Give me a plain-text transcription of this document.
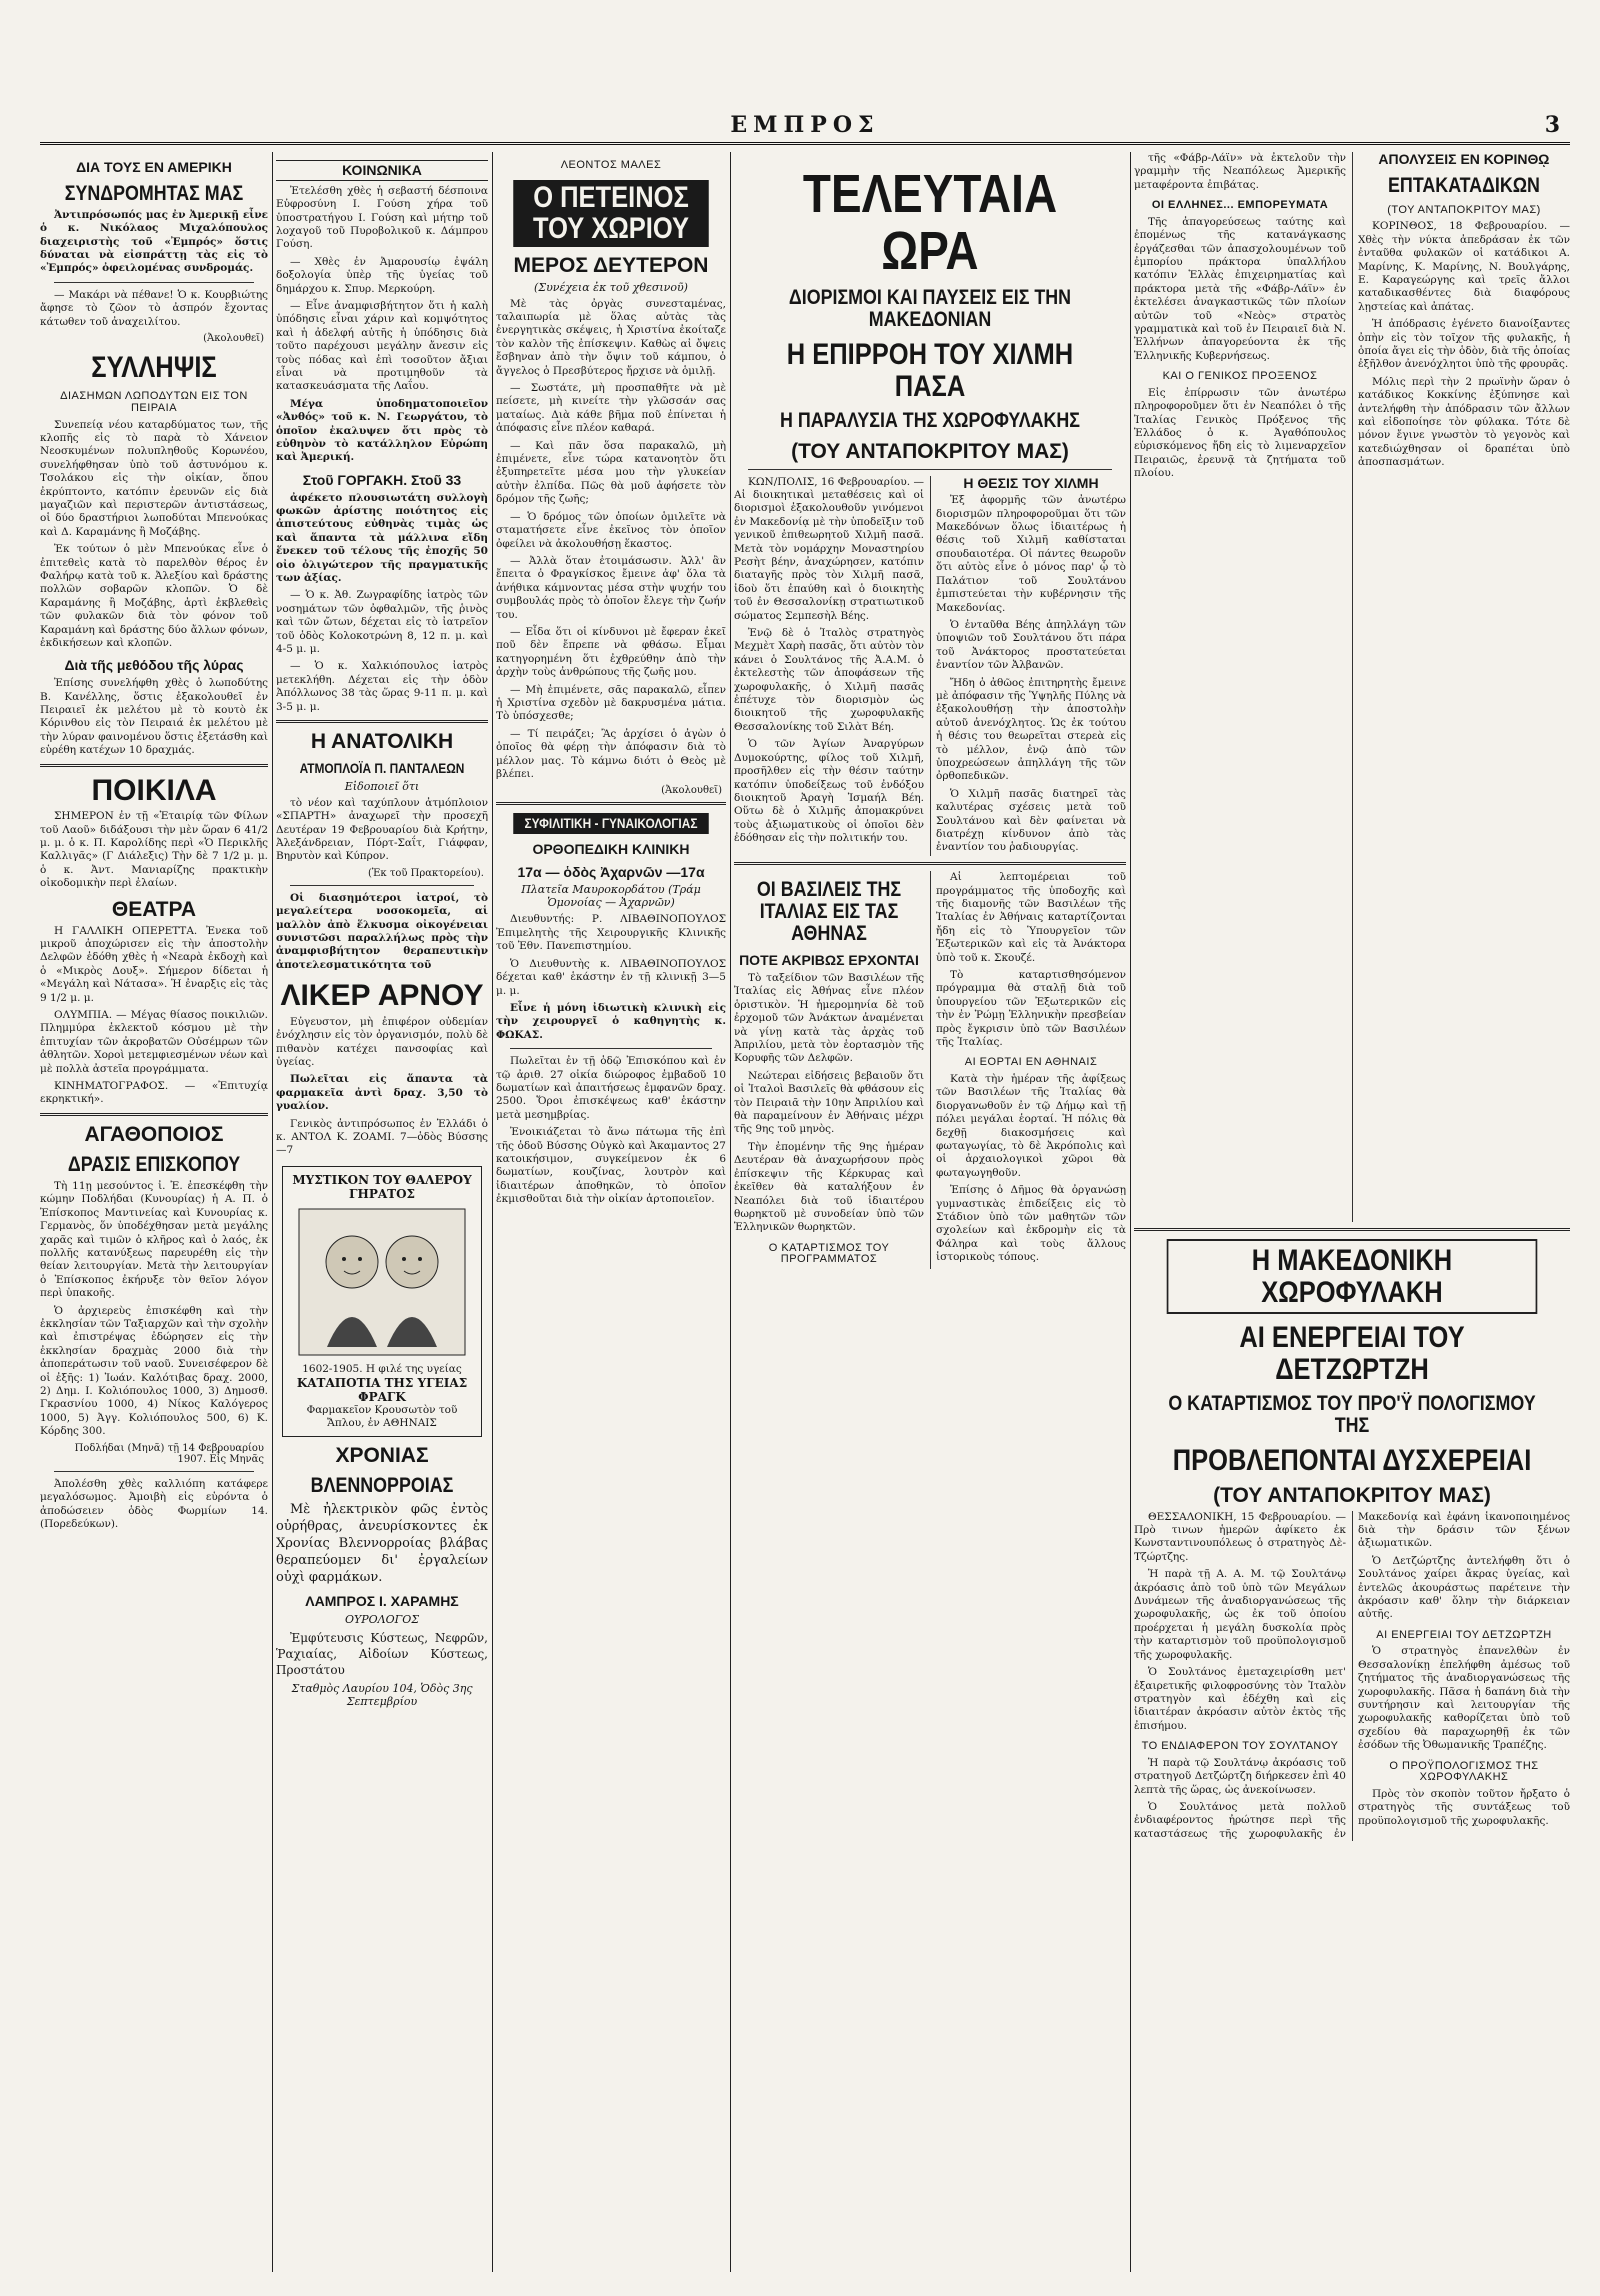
ΕΜΠΡΟΣ	3
ΔΙΑ ΤΟΥΣ ΕΝ ΑΜΕΡΙΚΗ
ΣΥΝΔΡΟΜΗΤΑΣ ΜΑΣ

Ἀντιπρόσωπός μας ἐν Ἀμερικῇ εἶνε ὁ κ. Νικόλαος Μιχαλόπουλος διαχειριστὴς τοῦ «Ἐμπρός» ὅστις δύναται νὰ εἰσπράττῃ τὰς εἰς τὸ «Ἐμπρός» ὀφειλομένας συνδρομάς.

— Μακάρι νὰ πέθανε! Ὁ κ. Κουρβιώτης ἄφησε τὸ ζῶον τὸ ἀσπρόν ἔχοντας κάτωθεν τοῦ ἀναχειλίτου.

(Ἀκολουθεῖ)
ΣΥΛΛΗΨΙΣ
ΔΙΑΣΗΜΩΝ ΛΩΠΟΔΥΤΩΝ ΕΙΣ ΤΟΝ ΠΕΙΡΑΙΑ

Συνεπείᾳ νέου καταρδύματος των, τῆς κλοπῆς εἰς τὸ παρὰ τὸ Χάνειον Νεοσκυμένων πολυπληθοῦς Κορωνέου, συνελήφθησαν ὑπὸ τοῦ ἀστυνόμου κ. Τσολάκου εἰς τὴν οἰκίαν, ὅπου ἐκρύπτοντο, κατόπιν ἐρευνῶν εἰς διὰ μαγαζιῶν καὶ περιστερῶν ἀντιστάσεως, οἱ δύο δραστήριοι λωποδύται Μπενούκας καὶ Δ. Καραμάνης ἢ Μοζάβης.

Ἐκ τούτων ὁ μὲν Μπενούκας εἶνε ὁ ἐπιτεθεὶς κατὰ τὸ παρελθὸν θέρος ἐν Φαλήρῳ κατὰ τοῦ κ. Ἀλεξίου καὶ δράστης πολλῶν σοβαρῶν κλοπῶν. Ὁ δὲ Καραμάνης ἢ Μοζάβης, ἀρτὶ ἐκβλεθεὶς τῶν φυλακῶν διὰ τὸν φόνον τοῦ Καραμάνη καὶ δράστης δύο ἄλλων φόνων, ἐκδικήσεων καὶ κλοπῶν.

Διὰ τῆς μεθόδου τῆς λύρας

Ἐπίσης συνελήφθη χθὲς ὁ λωποδύτης Β. Κανέλλης, ὅστις ἐξακολουθεῖ ἐν Πειραιεῖ ἐκ μελέτου μὲ τὸ κουτὸ ἐκ Κόρινθου εἰς τὸν Πειραιά ἐκ μελέτου μὲ τὴν λύραν φαινομένου ὅστις ἐξετάσθη καὶ εὑρέθη κατέχων 10 δραχμάς.

ΠΟΙΚΙΛΑ

ΣΗΜΕΡΟΝ ἐν τῇ «Ἑταιρίᾳ τῶν Φίλων τοῦ Λαοῦ» διδάξουσι τὴν μὲν ὥραν 6 41/2 μ. μ. ὁ κ. Π. Καρολίδης περὶ «Ὁ Περικλῆς Καλλιγᾶς» (Γ Διάλεξις) Τὴν δὲ 7 1/2 μ. μ. ὁ κ. Ἀντ. Μανιαρίζης πρακτικὴν οἰκοδομικὴν περὶ ἐλαίων.

ΘΕΑΤΡΑ

Η ΓΑΛΛΙΚΗ ΟΠΕΡΕΤΤΑ. Ἐνεκα τοῦ μικροῦ ἀποχώρισεν εἰς τὴν ἀποστολὴν Δελφῶν ἐδόθη χθὲς ἡ «Νεαρὰ ἐκδοχὴ καὶ ὁ «Μικρὸς Δουξ». Σήμερον δίδεται ἡ «Μεγάλη καὶ Νάτασα». Ἡ ἐναρξις εἰς τὰς 9 1/2 μ. μ.

ΟΛΥΜΠΙΑ. — Μέγας θίασος ποικιλιῶν. Πλημμύρα ἐκλεκτοῦ κόσμου μὲ τὴν ἐπιτυχίαν τῶν ἀκροβατῶν Οὐσέμρων τῶν ἀθλητῶν. Χοροὶ μετεμφιεσμένων νέων καὶ μὲ πολλὰ ἀστεῖα προγράμματα.

ΚΙΝΗΜΑΤΟΓΡΑΦΟΣ. — «Ἐπιτυχίᾳ εκρηκτική».

ΑΓΑΘΟΠΟΙΟΣ
ΔΡΑΣΙΣ ΕΠΙΣΚΟΠΟΥ

Τὴ 11ῃ μεσούντος ἰ. Ἐ. ἐπεσκέφθη τὴν κώμην Ποδλήδαι (Κυνουρίας) ἡ Α. Π. ὁ Ἐπίσκοπος Μαντινείας καὶ Κυνουρίας κ. Γερμανὸς, ὅν ὑποδέχθησαν μετὰ μεγάλης χαρᾶς καὶ τιμῶν ὁ κλῆρος καὶ ὁ λαός, ἐκ πολλῆς κατανύξεως παρευρέθη εἰς τὴν θείαν λειτουργίαν. Μετὰ τὴν λειτουργίαν ὁ Ἐπίσκοπος ἐκήρυξε τὸν θεῖον λόγον περὶ ὑπακοῆς.

Ὁ ἀρχιερεὺς ἐπισκέφθη καὶ τὴν ἐκκλησίαν τῶν Ταξιαρχῶν καὶ τὴν σχολὴν καὶ ἐπιστρέψας ἐδώρησεν εἰς τὴν ἐκκλησίαν δραχμὰς 2000 διὰ τὴν ἀποπεράτωσιν τοῦ ναοῦ. Συνεισέφερον δὲ οἱ ἐξῆς: 1) Ἰωάν. Καλότιβας δραχ. 2000, 2) Δημ. Ι. Κολιόπουλος 1000, 3) Δημοσθ. Γκρασνίου 1000, 4) Νίκος Καλόγερος 1000, 5) Ἀγγ. Κολιόπουλος 500, 6) Κ. Κόρδης 300.

Ποδλήδαι (Μηνᾶ) τῇ 14 Φεβρουαρίου 1907. Εἷς Μηνᾶς

Ἀπολέσθη χθὲς καλλιόπη κατάφερε μεγαλόσωμος. Ἀμοιβὴ εἰς εὑρόντα ὁ ἀποδώσειεν ὁδὸς Φωρμίων 14. (Πορεδεύκων).

ΚΟΙΝΩΝΙΚΑ

Ἐτελέσθη χθὲς ἡ σεβαστή δέσποινα Εὐφροσύνη Ι. Γούση χήρα τοῦ ὑποστρατήγου Ι. Γούση καὶ μήτηρ τοῦ λοχαγοῦ τοῦ Πυροβολικοῦ κ. Δάμπρου Γούση.

— Χθὲς ἐν Ἀμαρουσίῳ ἐψάλη δοξολογία ὑπὲρ τῆς ὑγείας τοῦ δημάρχου κ. Σπυρ. Μερκούρη.

— Εἶνε ἀναμφισβήτητον ὅτι ἡ καλὴ ὑπόδησις εἶναι χάριν καὶ κομψότητος καὶ ἡ ἀδελφή αὐτῆς ἡ ὑπόδησις διὰ τοῦτο παρέχουσι μεγάλην ἄνεσιν εἰς τοὺς πόδας καὶ ἐπὶ τοσοῦτον ἄξιαι εἶναι νὰ προτιμηθοῦν τὰ κατασκευάσματα τῆς Λαΐου.

Μέγα ὑποδηματοποιεῖον «Ἀνθός» τοῦ κ. Ν. Γεωργάτου, τὸ ὁποῖον ἐκαλυψεν ὅτι πρὸς τὸ εὐθηνὸν τὸ κατάλληλον Εὐρώπη καὶ Ἀμερική.

Στοῦ ΓΟΡΓΑΚΗ. Στοῦ 33

ἀφέκετο πλουσιωτάτη συλλογὴ φωκῶν ἀρίστης ποιότητος εἰς ἀπιστεύτους εὐθηνὰς τιμὰς ὡς καὶ ἅπαντα τὰ μάλλινα εἴδη ἕνεκεν τοῦ τέλους τῆς ἐποχῆς 50 οἰο ὀλιγώτερον τῆς πραγματικῆς των ἀξίας.

— Ὁ κ. Ἀθ. Ζωγραφίδης ἰατρὸς τῶν νοσημάτων τῶν ὀφθαλμῶν, τῆς ῥινὸς καὶ τῶν ὤτων, δέχεται εἰς τὸ ἰατρεῖον τοῦ ὁδὸς Κολοκοτρώνη 8, 12 π. μ. καὶ 4-5 μ. μ.

— Ὁ κ. Χαλκιόπουλος ἰατρὸς μετεκλήθη. Δέχεται εἰς τὴν ὁδὸν Ἀπόλλωνος 38 τὰς ὥρας 9-11 π. μ. καὶ 3-5 μ. μ.

Η ΑΝΑΤΟΛΙΚΗ
ΑΤΜΟΠΛΟΪΑ Π. ΠΑΝΤΑΛΕΩΝ
Εἰδοποιεῖ ὅτι

τὸ νέον καὶ ταχύπλουν ἀτμόπλοιον «ΣΠΑΡΤΗ» ἀναχωρεῖ τὴν προσεχῆ Δευτέραν 19 Φεβρουαρίου διὰ Κρήτην, Ἀλεξάνδρειαν, Πόρτ-Σαΐτ, Γιάφφαν, Βηρυτὸν καὶ Κύπρον.

(Ἐκ τοῦ Πρακτορείου).

Οἱ διασημότεροι ἰατροί, τὸ μεγαλείτερα νοσοκομεῖα, αἱ μαλλὸν ἀπὸ ἕλκυσμα οἰκογένειαι συνιστῶσι παραλλήλως πρὸς τὴν ἀναμφισβήτητον θεραπευτικὴν ἀποτελεσματικότητα τοῦ

ΛΙΚΕΡ ΑΡΝΟΥ

Εὐγευστον, μὴ ἐπιφέρον οὐδεμίαν ἐνόχλησιν εἰς τὸν ὀργανισμόν, πολὺ δὲ πιθανὸν κατέχει πανσοφίας καὶ ὑγείας.

Πωλεῖται εἰς ἅπαντα τὰ φαρμακεῖα ἀντὶ δραχ. 3,50 τὸ γυαλίον.

Γενικὸς ἀντιπρόσωπος ἐν Ἑλλάδι ὁ κ. ΑΝΤΟΛ Κ. ΖΟΑΜΙ. 7—ὁδὸς Βύσσης—7

ΜΥΣΤΙΚΟΝ ΤΟΥ ΘΑΛΕΡΟΥ ΓΗΡΑΤΟΣ
1602-1905. Η φιλέ της υγείας
ΚΑΤΑΠΟΤΙΑ ΤΗΣ ΥΓΕΙΑΣ ΦΡΑΓΚ
Φαρμακεῖον Κρουσωτὸν τοῦ Ἄπλου, ἐν ΑΘΗΝΑΙΣ
ΧΡΟΝΙΑΣ
ΒΛΕΝΝΟΡΡΟΙΑΣ

Μὲ ἠλεκτρικὸν φῶς ἐντὸς οὐρήθρας, ἀνευρίσκοντες ἐκ Χρονίας Βλεννορροίας βλάβας θεραπεύομεν δι' ἐργαλείων οὐχὶ φαρμάκων.

ΛΑΜΠΡΟΣ Ι. ΧΑΡΑΜΗΣ
ΟΥΡΟΛΟΓΟΣ

Ἐμφύτευσις Κύστεως, Νεφρῶν, Ῥαχιαίας, Αἰδοίων Κύστεως, Προστάτου

Σταθμὸς Λαυρίου 104, Ὁδὸς 3ης Σεπτεμβρίου
ΛΕΟΝΤΟΣ ΜΑΛΕΣ
Ο ΠΕΤΕΙΝΟΣ ΤΟΥ ΧΩΡΙΟΥ
ΜΕΡΟΣ ΔΕΥΤΕΡΟΝ
(Συνέχεια ἐκ τοῦ χθεσινοῦ)

Μὲ τὰς ὀργὰς συνεσταμένας, ταλαιπωρία μὲ ὅλας αὐτὰς τὰς ἐνεργητικὰς σκέψεις, ἡ Χριστίνα ἐκοίταζε τὸν καλὸν τῆς ἐπίσκεψιν. Καθὼς αἱ ὄψεις ἔσβηναν ἀπὸ τὴν ὄψιν τοῦ κάμπου, ὁ ἄγγελος ὁ Πρεσβύτερος ἤρχισε νὰ ὁμιλῇ.

— Σωστάτε, μὴ προσπαθῆτε νὰ μὲ πείσετε, μὴ κινείτε τὴν γλῶσσάν σας ματαίως. Διὰ κάθε βῆμα ποῦ ἐπίνεται ἡ ἀπόφασις εἶνε πλέον καθαρά.

— Καὶ πᾶν ὅσα παρακαλῶ, μὴ ἐπιμένετε, εἶνε τώρα κατανοητὸν ὅτι ἐξυπηρετεῖτε μέσα μου τὴν γλυκείαν αὐτὴν ἐλπίδα. Πῶς θὰ μοῦ ἀφήσετε τὸν δρόμον τῆς ζωῆς;

— Ὁ δρόμος τῶν ὁποίων ὁμιλεῖτε νὰ σταματήσετε εἶνε ἐκεῖνος τὸν ὁποῖον ὀφείλει νὰ ἀκολουθήσῃ ἕκαστος.

— Ἀλλὰ ὅταν ἐτοιμάσωσιν. Ἀλλ' ἂν ἔπειτα ὁ Φραγκίσκος ἔμεινε ἀφ' ὅλα τὰ ἀνήθικα κάμνοντας μέσα στὴν ψυχήν του συμβουλάς πρὸς τὸ ὁποῖον ἔλεγε τὴν ζωήν του.

— Εἶδα ὅτι οἱ κίνδυνοι μὲ ἔφεραν ἐκεῖ ποῦ δὲν ἔπρεπε νὰ φθάσω. Εἶμαι κατηγορημένη ὅτι ἐχθρεύθην ἀπὸ τὴν ἀρχὴν τοὺς ἀνθρώπους τῆς ζωῆς μου.

— Μὴ ἐπιμένετε, σᾶς παρακαλῶ, εἶπεν ἡ Χριστίνα σχεδὸν μὲ δακρυσμένα μάτια. Τὸ ὑπόσχεσθε;

— Τί πειράζει; Ἂς ἀρχίσει ὁ ἀγὼν ὁ ὁποῖος θὰ φέρῃ τὴν ἀπόφασιν διὰ τὸ μέλλον μας. Τὸ κάμνω διότι ὁ Θεὸς μὲ βλέπει.

(Ἀκολουθεῖ)
ΣΥΦΙΛΙΤΙΚΗ - ΓΥΝΑΙΚΟΛΟΓΙΑΣ
ΟΡΘΟΠΕΔΙΚΗ ΚΛΙΝΙΚΗ
17α — ὁδὸς Ἀχαρνῶν —17α
Πλατεῖα Μαυροκορδάτου (Τράμ Ὁμονοίας — Ἀχαρνῶν)

Διευθυντής: Ρ. ΛΙΒΑΘΙΝΟΠΟΥΛΟΣ Ἐπιμελητὴς τῆς Χειρουργικῆς Κλινικῆς τοῦ Ἐθν. Πανεπιστημίου.

Ὁ Διευθυντὴς κ. ΛΙΒΑΘΙΝΟΠΟΥΛΟΣ δέχεται καθ' ἑκάστην ἐν τῇ κλινικῇ 3—5 μ. μ.

Εἶνε ἡ μόνη ἰδιωτικὴ κλινικὴ εἰς τὴν χειρουργεῖ ὁ καθηγητὴς κ. ΦΩΚΑΣ.

Πωλεῖται ἐν τῇ ὁδῷ Ἐπισκόπου καὶ ἐν τῷ ἀριθ. 27 οἰκία διώροφος ἐμβαδοῦ 10 δωματίων καὶ ἀπαιτήσεως ἐμφανῶν δραχ. 2500. Ὅροι ἐπισκέψεως καθ' ἑκάστην μετὰ μεσημβρίας.

Ἐνοικιάζεται τὸ ἄνω πάτωμα τῆς ἐπὶ τῆς ὁδοῦ Βύσσης Οὐγκὸ καὶ Ἀκαμαντος 27 κατοικήσιμον, συγκείμενον ἐκ 6 δωματίων, κουζίνας, λουτρὸν καὶ ἰδιαιτέρων ἀποθηκῶν, τὸ ὁποῖον ἐκμισθοῦται διὰ τὴν οἰκίαν ἀρτοποιεῖον.

ΤΕΛΕΥΤΑΙΑ ΩΡΑ
ΔΙΟΡΙΣΜΟΙ ΚΑΙ ΠΑΥΣΕΙΣ ΕΙΣ ΤΗΝ ΜΑΚΕΔΟΝΙΑΝ
Η ΕΠΙΡΡΟΗ ΤΟΥ ΧΙΛΜΗ ΠΑΣΑ
Η ΠΑΡΑΛΥΣΙΑ ΤΗΣ ΧΩΡΟΦΥΛΑΚΗΣ
(ΤΟΥ ΑΝΤΑΠΟΚΡΙΤΟΥ ΜΑΣ)

ΚΩΝ/ΠΟΛΙΣ, 16 Φεβρουαρίου. — Αἱ διοικητικαὶ μεταθέσεις καὶ οἱ διορισμοὶ ἐξακολουθοῦν γινόμενοι ἐν Μακεδονίᾳ μὲ τὴν ὑποδεῖξιν τοῦ γενικοῦ ἐπιθεωρητοῦ Χιλμῆ πασᾶ. Μετὰ τὸν νομάρχην Μοναστηρίου Ρεσὴτ βέην, ἀναχώρησεν, κατόπιν διαταγῆς πρὸς τὸν Χιλμῆ πασᾶ, ἰδοὺ ὅτι ἐπαύθη καὶ ὁ διοικητὴς τοῦ ἐν Θεσσαλονίκῃ στρατιωτικοῦ σώματος Σεμπεσὴλ Βέης.

Ἐνῷ δὲ ὁ Ἰταλὸς στρατηγὸς Μεχμὲτ Χαρὴ πασᾶς, ὅτι αὐτὸν τὸν κάνει ὁ Σουλτάνος τῆς Ἀ.Α.Μ. ὁ ἐκτελεστὴς τῶν ἀποφάσεων τῆς χωροφυλακῆς, ὁ Χιλμῆ πασᾶς ἐπέτυχε τὸν διορισμὸν ὡς διοικητοῦ τῆς χωροφυλακῆς Θεσσαλονίκης τοῦ Σιλὰτ Βέη.

Ὁ τῶν Ἀγίων Ἀναργύρων Δυμοκούρτης, φίλος τοῦ Χιλμῆ, προσῆλθεν εἰς τὴν θέσιν ταύτην κατόπιν ὑποδείξεως τοῦ ἐνδόξου διοικητοῦ Ἀραγὴ Ἰσμαήλ Βέη. Οὕτω δὲ ὁ Χιλμῆς ἀπομακρύνει τοὺς ἀξιωματικοὺς οἱ ὁποῖοι δὲν ἐδόθησαν εἰς τὴν πολιτικήν του.

Η ΘΕΣΙΣ ΤΟΥ ΧΙΛΜΗ

Ἐξ ἀφορμῆς τῶν ἀνωτέρω διορισμῶν πληροφοροῦμαι ὅτι τῶν Μακεδόνων ὅλως ἰδιαιτέρως ἡ θέσις τοῦ Χιλμῆ καθίσταται σπουδαιοτέρα. Οἱ πάντες θεωροῦν ὅτι αὐτὸς εἶνε ὁ μόνος παρ' ᾧ τὸ Παλάτιον τοῦ Σουλτάνου ἐμπιστεύεται τὴν κυβέρνησιν τῆς Μακεδονίας.

Ὁ ἐνταῦθα Βέης ἀπηλλάγη τῶν ὑποψιῶν τοῦ Σουλτάνου ὅτι πάρα τοῦ Ἀνάκτορος προστατεύεται ἐναντίον τῶν Ἀλβανῶν.

Ἤδη ὁ ἀθῶος ἐπιτηρητὴς ἔμεινε μὲ ἀπόφασιν τῆς Ὑψηλῆς Πύλης νὰ ἐξακολουθήσῃ τὴν ἀποστολὴν αὐτοῦ ἀνενόχλητος. Ὡς ἐκ τούτου ἡ θέσις του θεωρεῖται στερεὰ εἰς τὸ μέλλον, ἐνῷ ἀπὸ τῶν ὑποχρεώσεων ἀπηλλάγη τῆς τῶν ὀρθοπεδικῶν.

Ὁ Χιλμῆ πασᾶς διατηρεῖ τὰς καλυτέρας σχέσεις μετὰ τοῦ Σουλτάνου καὶ δὲν φαίνεται νὰ διατρέχῃ κίνδυνον ἀπὸ τὰς ἐναντίον του ῥαδιουργίας.

ΟΙ ΒΑΣΙΛΕΙΣ ΤΗΣ ΙΤΑΛΙΑΣ ΕΙΣ ΤΑΣ ΑΘΗΝΑΣ
ΠΟΤΕ ΑΚΡΙΒΩΣ ΕΡΧΟΝΤΑΙ

Τὸ ταξείδιον τῶν Βασιλέων τῆς Ἰταλίας εἰς Ἀθήνας εἶνε πλέον ὁριστικὸν. Ἡ ἡμερομηνία δὲ τοῦ ἐρχομοῦ τῶν Ἀνάκτων ἀναμένεται νὰ γίνῃ κατὰ τὰς ἀρχὰς τοῦ Ἀπριλίου, μετὰ τὸν ἑορτασμὸν τῆς Κορυφῆς τῶν Δελφῶν.

Νεώτεραι εἰδήσεις βεβαιοῦν ὅτι οἱ Ἰταλοὶ Βασιλεῖς θὰ φθάσουν εἰς τὸν Πειραιᾶ τὴν 10ην Ἀπριλίου καὶ θὰ παραμείνουν ἐν Ἀθήναις μέχρι τῆς 9ης τοῦ μηνὸς.

Τὴν ἐπομένην τῆς 9ης ἡμέραν Δευτέραν θὰ ἀναχωρήσουν πρὸς ἐπίσκεψιν τῆς Κέρκυρας καὶ ἐκεῖθεν θὰ καταλήξουν ἐν Νεαπόλει διὰ τοῦ ἰδιαιτέρου θωρηκτοῦ μὲ συνοδείαν ὑπὸ τῶν Ἑλληνικῶν θωρηκτῶν.

Ο ΚΑΤΑΡΤΙΣΜΟΣ ΤΟΥ ΠΡΟΓΡΑΜΜΑΤΟΣ

Αἱ λεπτομέρειαι τοῦ προγράμματος τῆς ὑποδοχῆς καὶ τῆς διαμονῆς τῶν Βασιλέων τῆς Ἰταλίας ἐν Ἀθήναις καταρτίζονται ἤδη εἰς τὸ Ὑπουργεῖον τῶν Ἐξωτερικῶν καὶ εἰς τὰ Ἀνάκτορα ὑπὸ τοῦ κ. Σκουζέ.

Τὸ καταρτισθησόμενον πρόγραμμα θὰ σταλῇ διὰ τοῦ ὑπουργείου τῶν Ἐξωτερικῶν εἰς τὴν ἐν Ῥώμῃ Ἑλληνικὴν πρεσβείαν πρὸς ἔγκρισιν ὑπὸ τῶν Βασιλέων τῆς Ἰταλίας.

ΑΙ ΕΟΡΤΑΙ ΕΝ ΑΘΗΝΑΙΣ

Κατὰ τὴν ἡμέραν τῆς ἀφίξεως τῶν Βασιλέων τῆς Ἰταλίας θὰ διοργανωθοῦν ἐν τῷ Δήμῳ καὶ τῇ πόλει μεγάλαι ἑορταί. Ἡ πόλις θὰ δεχθῇ διακοσμήσεις καὶ φωταγωγίας, τὸ δὲ Ἀκρόπολις καὶ οἱ ἀρχαιολογικοὶ χῶροι θὰ φωταγωγηθοῦν.

Ἐπίσης ὁ Δῆμος θὰ ὀργανώσῃ γυμναστικὰς ἐπιδείξεις εἰς τὸ Στάδιον ὑπὸ τῶν μαθητῶν τῶν σχολείων καὶ ἐκδρομὴν εἰς τὰ Φάληρα καὶ τοὺς ἄλλους ἱστορικοὺς τόπους.

τῆς «Φάβρ-Λάϊν» νὰ ἐκτελοῦν τὴν γραμμὴν τῆς Νεαπόλεως Ἀμερικῆς μεταφέροντα ἐπιβάτας.

ΟΙ ΕΛΛΗΝΕΣ... ΕΜΠΟΡΕΥΜΑΤΑ

Τῆς ἀπαγορεύσεως ταύτης καὶ ἐπομένως τῆς κατανάγκασης ἐργάζεσθαι τῶν ἀπασχολουμένων τοῦ ἐμπορίου πράκτορα ὑπαλλήλου κατόπιν Ἑλλὰς ἐπιχειρηματίας καὶ πράκτορα μετὰ τῆς «Φάβρ-Λάϊν» ἐν ἐκτελέσει ἀναγκαστικῶς τῶν πλοίων αὐτῶν τοῦ «Νεὸς» στρατὸς γραμματικὰ καὶ τοῦ ἐν Πειραιεῖ διὰ Ν. Ἑλλήνων ἀπαγορεύοντα ἐκ τῆς Ἑλληνικῆς Κυβερνήσεως.

ΚΑΙ Ο ΓΕΝΙΚΟΣ ΠΡΟΞΕΝΟΣ

Εἰς ἐπίρρωσιν τῶν ἀνωτέρω πληροφοροῦμεν ὅτι ἐν Νεαπόλει ὁ τῆς Ἰταλίας Γενικὸς Πρόξενος τῆς Ἑλλάδος ὁ κ. Ἀγαθόπουλος εὑρισκόμενος ἤδη εἰς τὸ λιμεναρχεῖον Πειραιῶς, ἐρευνᾷ τὰ ζητήματα τοῦ πλοίου.

ΑΠΟΛΥΣΕΙΣ ΕΝ ΚΟΡΙΝΘῼ
ΕΠΤΑΚΑΤΑΔΙΚΩΝ
(ΤΟΥ ΑΝΤΑΠΟΚΡΙΤΟΥ ΜΑΣ)

ΚΟΡΙΝΘΟΣ, 18 Φεβρουαρίου. — Χθὲς τὴν νύκτα ἀπεδράσαν ἐκ τῶν ἐνταῦθα φυλακῶν οἱ κατάδικοι Α. Μαρίνης, Κ. Μαρίνης, Ν. Βουλγάρης, Ε. Καραγεώργης καὶ τρεῖς ἄλλοι καταδικασθέντες διὰ διαφόρους λῃστείας καὶ ἀπάτας.

Ἡ ἀπόδρασις ἐγένετο διανοίξαντες ὀπὴν εἰς τὸν τοῖχον τῆς φυλακῆς, ἡ ὁποία ἄγει εἰς τὴν ὁδὸν, διὰ τῆς ὁποίας ἐξῆλθον ἀνενόχλητοι ὑπὸ τῆς φρουρᾶς.

Μόλις περὶ τὴν 2 πρωϊνὴν ὥραν ὁ κατάδικος Κοκκίνης ἐξύπνησε καὶ ἀντελήφθη τὴν ἀπόδρασιν τῶν ἄλλων καὶ εἰδοποίησε τὸν φύλακα. Τότε δὲ μόνον ἔγινε γνωστὸν τὸ γεγονὸς καὶ κατεδιώχθησαν οἱ δραπέται ὑπὸ ἀποσπασμάτων.

Η ΜΑΚΕΔΟΝΙΚΗ ΧΩΡΟΦΥΛΑΚΗ
ΑΙ ΕΝΕΡΓΕΙΑΙ ΤΟΥ ΔΕΤΖΩΡΤΖΗ
Ο ΚΑΤΑΡΤΙΣΜΟΣ ΤΟΥ ΠΡΟ'Ϋ ΠΟΛΟΓΙΣΜΟΥ ΤΗΣ
ΠΡΟΒΛΕΠΟΝΤΑΙ ΔΥΣΧΕΡΕΙΑΙ
(ΤΟΥ ΑΝΤΑΠΟΚΡΙΤΟΥ ΜΑΣ)

ΘΕΣΣΑΛΟΝΙΚΗ, 15 Φεβρουαρίου. — Πρὸ τινων ἡμερῶν ἀφίκετο ἐκ Κωνσταντινουπόλεως ὁ στρατηγὸς Δὲ-Τζώρτζης.

Ἡ παρὰ τῇ Α. Α. Μ. τῷ Σουλτάνῳ ἀκρόασις ἀπὸ τοῦ ὑπὸ τῶν Μεγάλων Δυνάμεων τῆς ἀναδιοργανώσεως τῆς χωροφυλακῆς, ὡς ἐκ τοῦ ὁποίου προέρχεται ἡ μεγάλη δυσκολία πρὸς τὴν καταρτισμὸν τοῦ προϋπολογισμοῦ τῆς χωροφυλακῆς.

Ὁ Σουλτάνος ἐμεταχειρίσθη μετ' ἐξαιρετικῆς φιλοφροσύνης τὸν Ἰταλὸν στρατηγὸν καὶ ἐδέχθη καὶ εἰς ἰδιαιτέραν ἀκρόασιν αὐτὸν ἐκτὸς τῆς ἐπισήμου.

ΤΟ ΕΝΔΙΑΦΕΡΟΝ ΤΟΥ ΣΟΥΛΤΑΝΟΥ

Ἡ παρὰ τῷ Σουλτάνῳ ἀκρόασις τοῦ στρατηγοῦ Δετζώρτζη διήρκεσεν ἐπὶ 40 λεπτὰ τῆς ὥρας, ὡς ἀνεκοίνωσεν.

Ὁ Σουλτάνος μετὰ πολλοῦ ἐνδιαφέροντος ἠρώτησε περὶ τῆς καταστάσεως τῆς χωροφυλακῆς ἐν Μακεδονίᾳ καὶ ἐφάνη ἱκανοποιημένος διὰ τὴν δράσιν τῶν ξένων ἀξιωματικῶν.

Ὁ Δετζώρτζης ἀντελήφθη ὅτι ὁ Σουλτάνος χαίρει ἄκρας ὑγείας, καὶ ἐντελῶς ἀκουράστως παρέτεινε τὴν ἀκρόασιν καθ' ὅλην τὴν διάρκειαν αὐτῆς.

ΑΙ ΕΝΕΡΓΕΙΑΙ ΤΟΥ ΔΕΤΖΩΡΤΖΗ

Ὁ στρατηγὸς ἐπανελθὼν ἐν Θεσσαλονίκῃ ἐπελήφθη ἀμέσως τοῦ ζητήματος τῆς ἀναδιοργανώσεως τῆς χωροφυλακῆς. Πᾶσα ἡ δαπάνη διὰ τὴν συντήρησιν καὶ λειτουργίαν τῆς χωροφυλακῆς καθορίζεται ὑπὸ τοῦ σχεδίου θὰ παραχωρηθῇ ἐκ τῶν ἐσόδων τῆς Ὀθωμανικῆς Τραπέζης.

Ο ΠΡΟΫΠΟΛΟΓΙΣΜΟΣ ΤΗΣ ΧΩΡΟΦΥΛΑΚΗΣ

Πρὸς τὸν σκοπὸν τοῦτον ἤρξατο ὁ στρατηγὸς τῆς συντάξεως τοῦ προϋπολογισμοῦ τῆς χωροφυλακῆς.
